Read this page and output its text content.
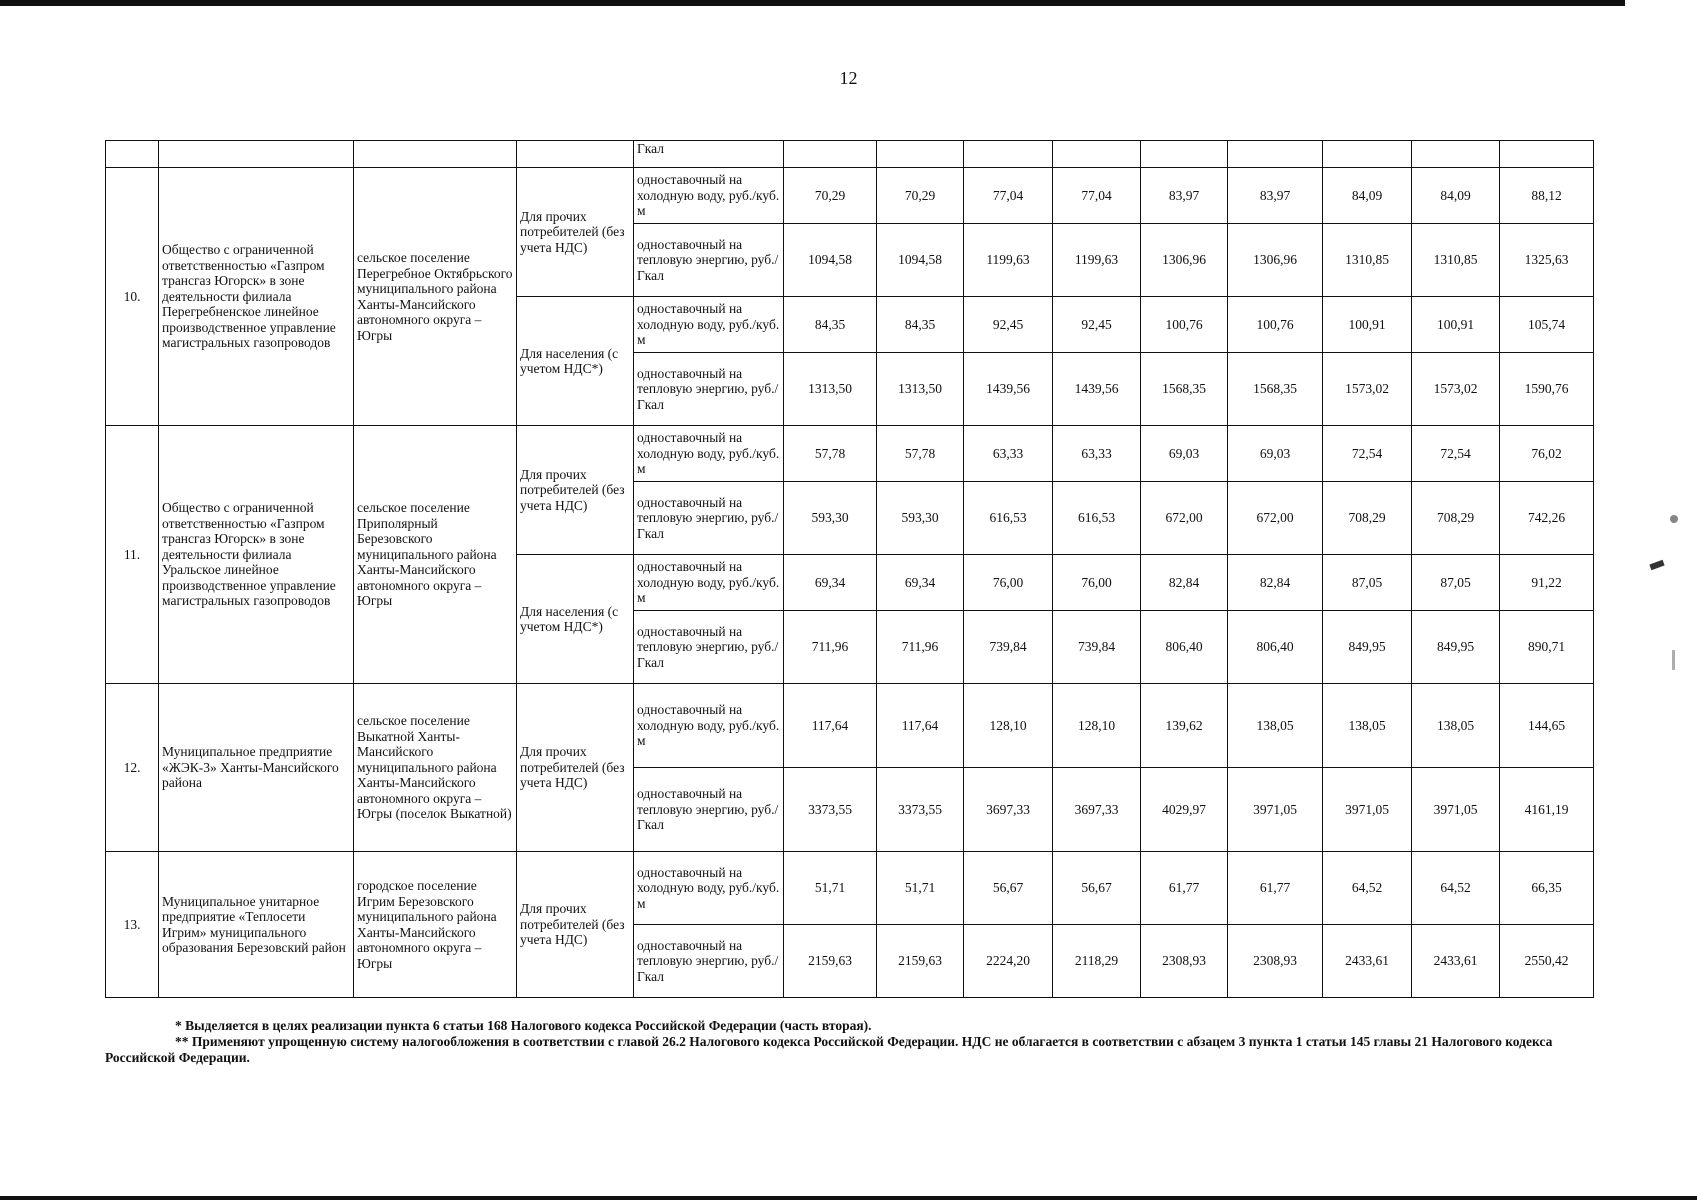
12
				Гкал									
10.	Общество с ограниченной ответственностью «Газпром трансгаз Югорск» в зоне деятельности филиала Перегребненское линейное производственное управление магистральных газопроводов	сельское поселение Перегребное Октябрьского муниципального района Ханты-Мансийского автономного округа – Югры	Для прочих потребителей (без учета НДС)	одноставочный на холодную воду, руб./куб. м	70,29	70,29	77,04	77,04	83,97	83,97	84,09	84,09	88,12
				одноставочный на тепловую энергию, руб./ Гкал	1094,58	1094,58	1199,63	1199,63	1306,96	1306,96	1310,85	1310,85	1325,63
			Для населения (с учетом НДС*)	одноставочный на холодную воду, руб./куб. м	84,35	84,35	92,45	92,45	100,76	100,76	100,91	100,91	105,74
				одноставочный на тепловую энергию, руб./ Гкал	1313,50	1313,50	1439,56	1439,56	1568,35	1568,35	1573,02	1573,02	1590,76
11.	Общество с ограниченной ответственностью «Газпром трансгаз Югорск» в зоне деятельности филиала Уральское линейное производственное управление магистральных газопроводов	сельское поселение Приполярный Березовского муниципального района Ханты-Мансийского автономного округа – Югры	Для прочих потребителей (без учета НДС)	одноставочный на холодную воду, руб./куб. м	57,78	57,78	63,33	63,33	69,03	69,03	72,54	72,54	76,02
				одноставочный на тепловую энергию, руб./ Гкал	593,30	593,30	616,53	616,53	672,00	672,00	708,29	708,29	742,26
			Для населения (с учетом НДС*)	одноставочный на холодную воду, руб./куб. м	69,34	69,34	76,00	76,00	82,84	82,84	87,05	87,05	91,22
				одноставочный на тепловую энергию, руб./ Гкал	711,96	711,96	739,84	739,84	806,40	806,40	849,95	849,95	890,71
12.	Муниципальное предприятие «ЖЭК-3» Ханты-Мансийского района	сельское поселение Выкатной Ханты-Мансийского муниципального района Ханты-Мансийского автономного округа – Югры (поселок Выкатной)	Для прочих потребителей (без учета НДС)	одноставочный на холодную воду, руб./куб. м	117,64	117,64	128,10	128,10	139,62	138,05	138,05	138,05	144,65
				одноставочный на тепловую энергию, руб./ Гкал	3373,55	3373,55	3697,33	3697,33	4029,97	3971,05	3971,05	3971,05	4161,19
13.	Муниципальное унитарное предприятие «Теплосети Игрим» муниципального образования Березовский район	городское поселение Игрим Березовского муниципального района Ханты-Мансийского автономного округа – Югры	Для прочих потребителей (без учета НДС)	одноставочный на холодную воду, руб./куб. м	51,71	51,71	56,67	56,67	61,77	61,77	64,52	64,52	66,35
				одноставочный на тепловую энергию, руб./ Гкал	2159,63	2159,63	2224,20	2118,29	2308,93	2308,93	2433,61	2433,61	2550,42

* Выделяется в целях реализации пункта 6 статьи 168 Налогового кодекса Российской Федерации (часть вторая).

** Применяют упрощенную систему налогообложения в соответствии с главой 26.2 Налогового кодекса Российской Федерации. НДС не облагается в соответствии с абзацем 3 пункта 1 статьи 145 главы 21 Налогового кодекса Российской Федерации.
